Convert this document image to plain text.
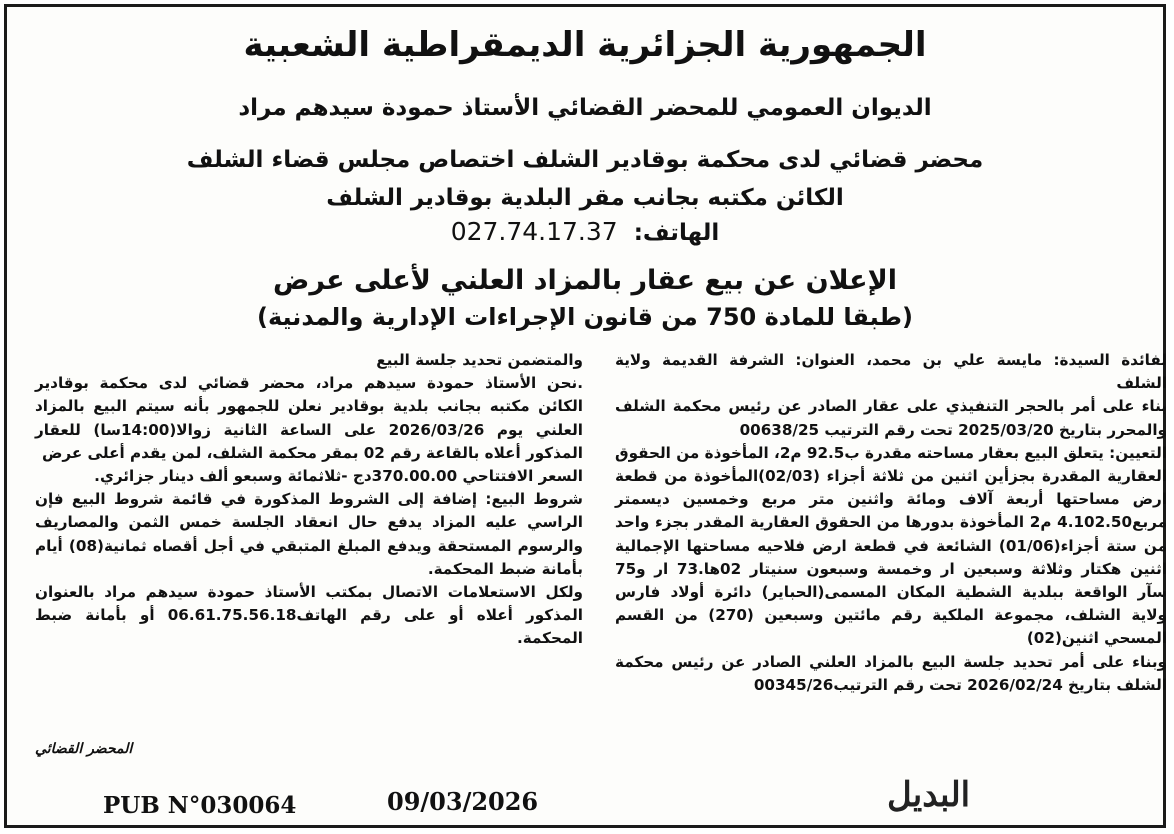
الجمهورية الجزائرية الديمقراطية الشعبية
الديوان العمومي للمحضر القضائي الأستاذ حمودة سيدهم مراد
محضر قضائي لدى محكمة بوقادير الشلف اختصاص مجلس قضاء الشلف
الكائن مكتبه بجانب مقر البلدية بوقادير الشلف
الهاتف: 027.74.17.37
الإعلان عن بيع عقار بالمزاد العلني لأعلى عرض
(طبقا للمادة 750 من قانون الإجراءات الإدارية والمدنية)

لفائدة السيدة: مايسة علي بن محمد، العنوان: الشرفة القديمة ولاية الشلف

بناء على أمر بالحجر التنفيذي على عقار الصادر عن رئيس محكمة الشلف والمحرر بتاريخ 2025/03/20 تحت رقم الترتيب 00638/25

التعيين: يتعلق البيع بعقار مساحته مقدرة ب92.5 م2، المأخوذة من الحقوق العقارية المقدرة بجزأين اثنين من ثلاثة أجزاء (02/03)المأخوذة من قطعة ارض مساحتها أربعة آلاف ومائة واثنين متر مربع وخمسين ديسمتر مربع4.102.50 م2 المأخوذة بدورها من الحقوق العقارية المقدر بجزء واحد من ستة أجزاء(01/06) الشائعة في قطعة ارض فلاحيه مساحتها الإجمالية اثنين هكتار وثلاثة وسبعين ار وخمسة وسبعون سنيتار 02ها.73 ار و75 سآر الواقعة ببلدية الشطية المكان المسمى(الحباير) دائرة أولاد فارس ولاية الشلف، مجموعة الملكية رقم مائتين وسبعين (270) من القسم المسحي اثنين(02)

وبناء على أمر تحديد جلسة البيع بالمزاد العلني الصادر عن رئيس محكمة الشلف بتاريخ 2026/02/24 تحت رقم الترتيب00345/26

والمتضمن تحديد جلسة البيع

.نحن الأستاذ حمودة سيدهم مراد، محضر قضائي لدى محكمة بوقادير الكائن مكتبه بجانب بلدية بوقادير نعلن للجمهور بأنه سيتم البيع بالمزاد العلني يوم 2026/03/26 على الساعة الثانية زوالا(14:00سا) للعقار المذكور أعلاه بالقاعة رقم 02 بمقر محكمة الشلف، لمن يقدم أعلى عرض

السعر الافتتاحي 370.00.00دج -ثلاثمائة وسبعو ألف دينار جزائري.

شروط البيع: إضافة إلى الشروط المذكورة في قائمة شروط البيع فإن الراسي عليه المزاد يدفع حال انعقاد الجلسة خمس الثمن والمصاريف والرسوم المستحقة ويدفع المبلغ المتبقي في أجل أقصاه ثمانية(08) أيام بأمانة ضبط المحكمة.

ولكل الاستعلامات الاتصال بمكتب الأستاذ حمودة سيدهم مراد بالعنوان المذكور أعلاه أو على رقم الهاتف06.61.75.56.18 أو بأمانة ضبط المحكمة.

المحضر القضائي
PUB N°030064	09/03/2026	البديل
